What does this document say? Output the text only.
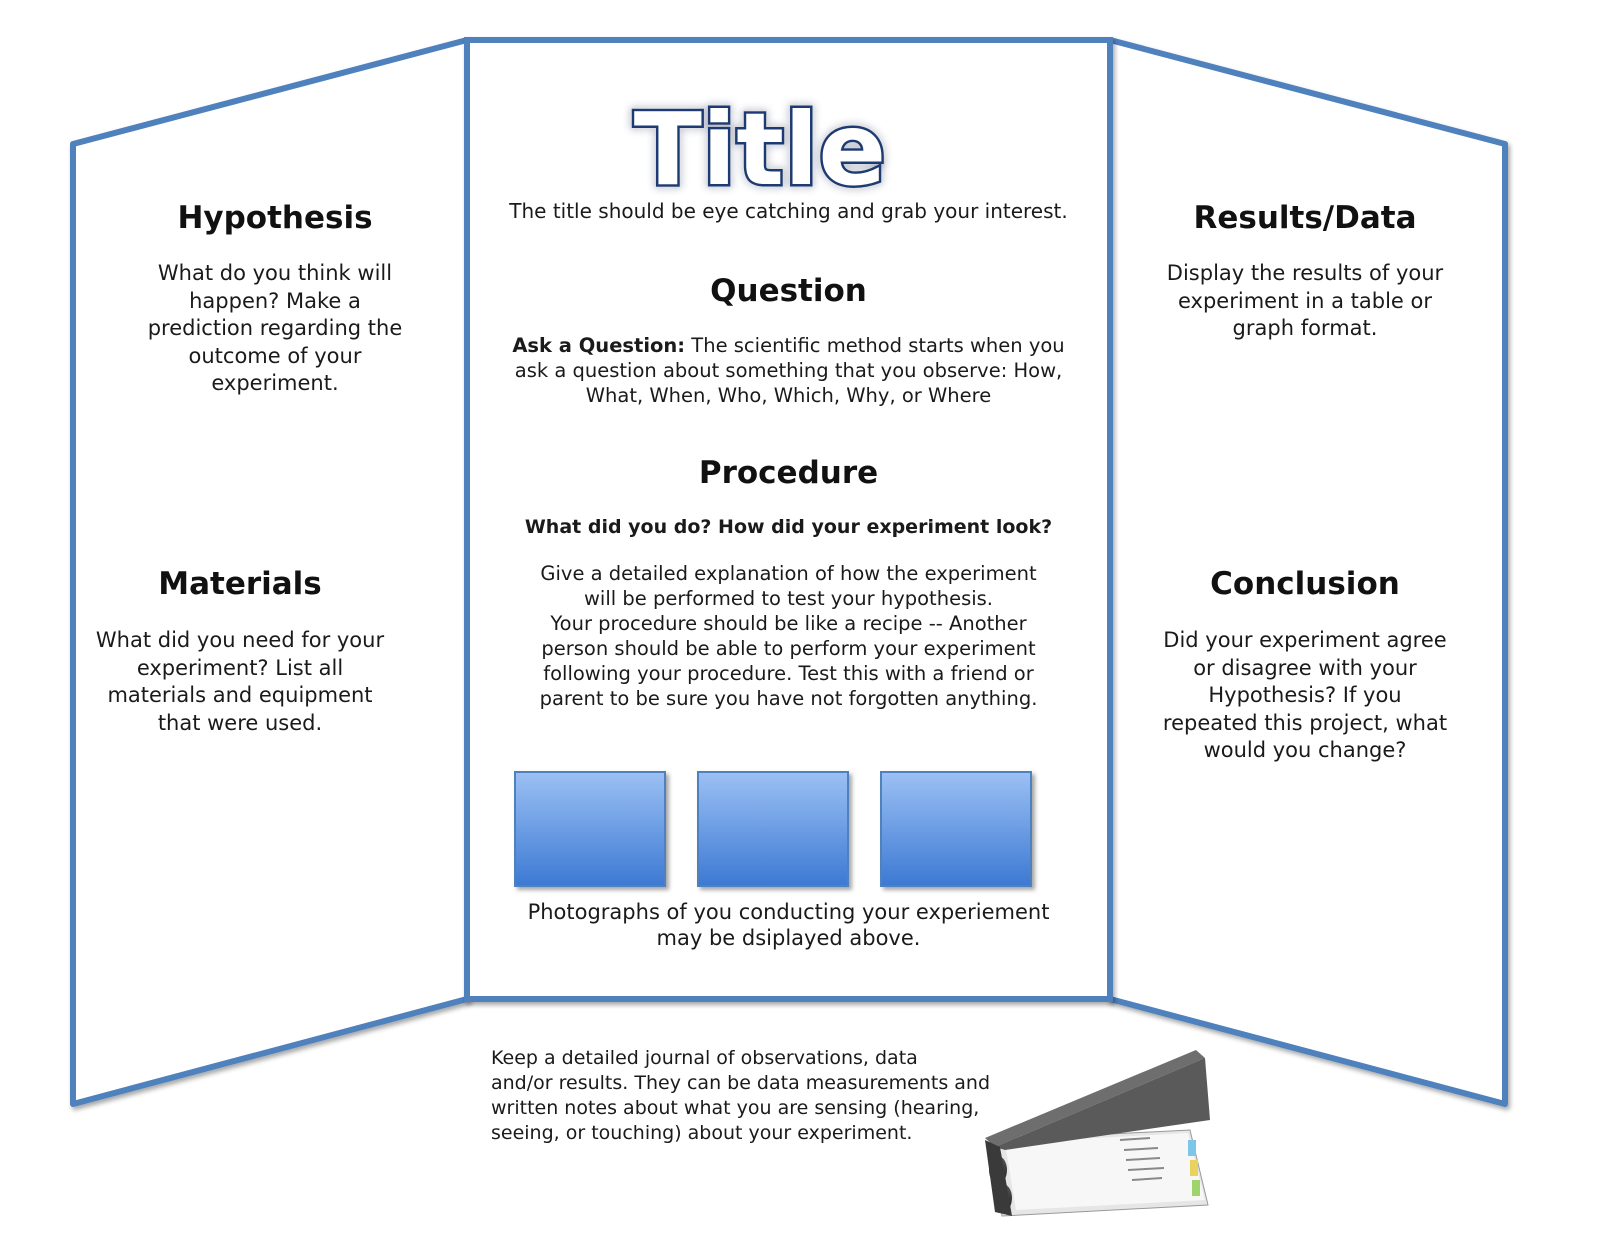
Title
The title should be eye catching and grab your interest.
Hypothesis
What do you think will
happen? Make a
prediction regarding the
outcome of your
experiment.
Materials
What did you need for your
experiment? List all
materials and equipment
that were used.
Question
Ask a Question: The scientific method starts when you
ask a question about something that you observe: How,
What, When, Who, Which, Why, or Where
Procedure
What did you do? How did your experiment look?
Give a detailed explanation of how the experiment
will be performed to test your hypothesis.
Your procedure should be like a recipe -- Another
person should be able to perform your experiment
following your procedure. Test this with a friend or
parent to be sure you have not forgotten anything.
Photographs of you conducting your experiement
may be dsiplayed above.
Results/Data
Display the results of your
experiment in a table or
graph format.
Conclusion
Did your experiment agree
or disagree with your
Hypothesis? If you
repeated this project, what
would you change?
Keep a detailed journal of observations, data
and/or results. They can be data measurements and
written notes about what you are sensing (hearing,
seeing, or touching) about your experiment.
